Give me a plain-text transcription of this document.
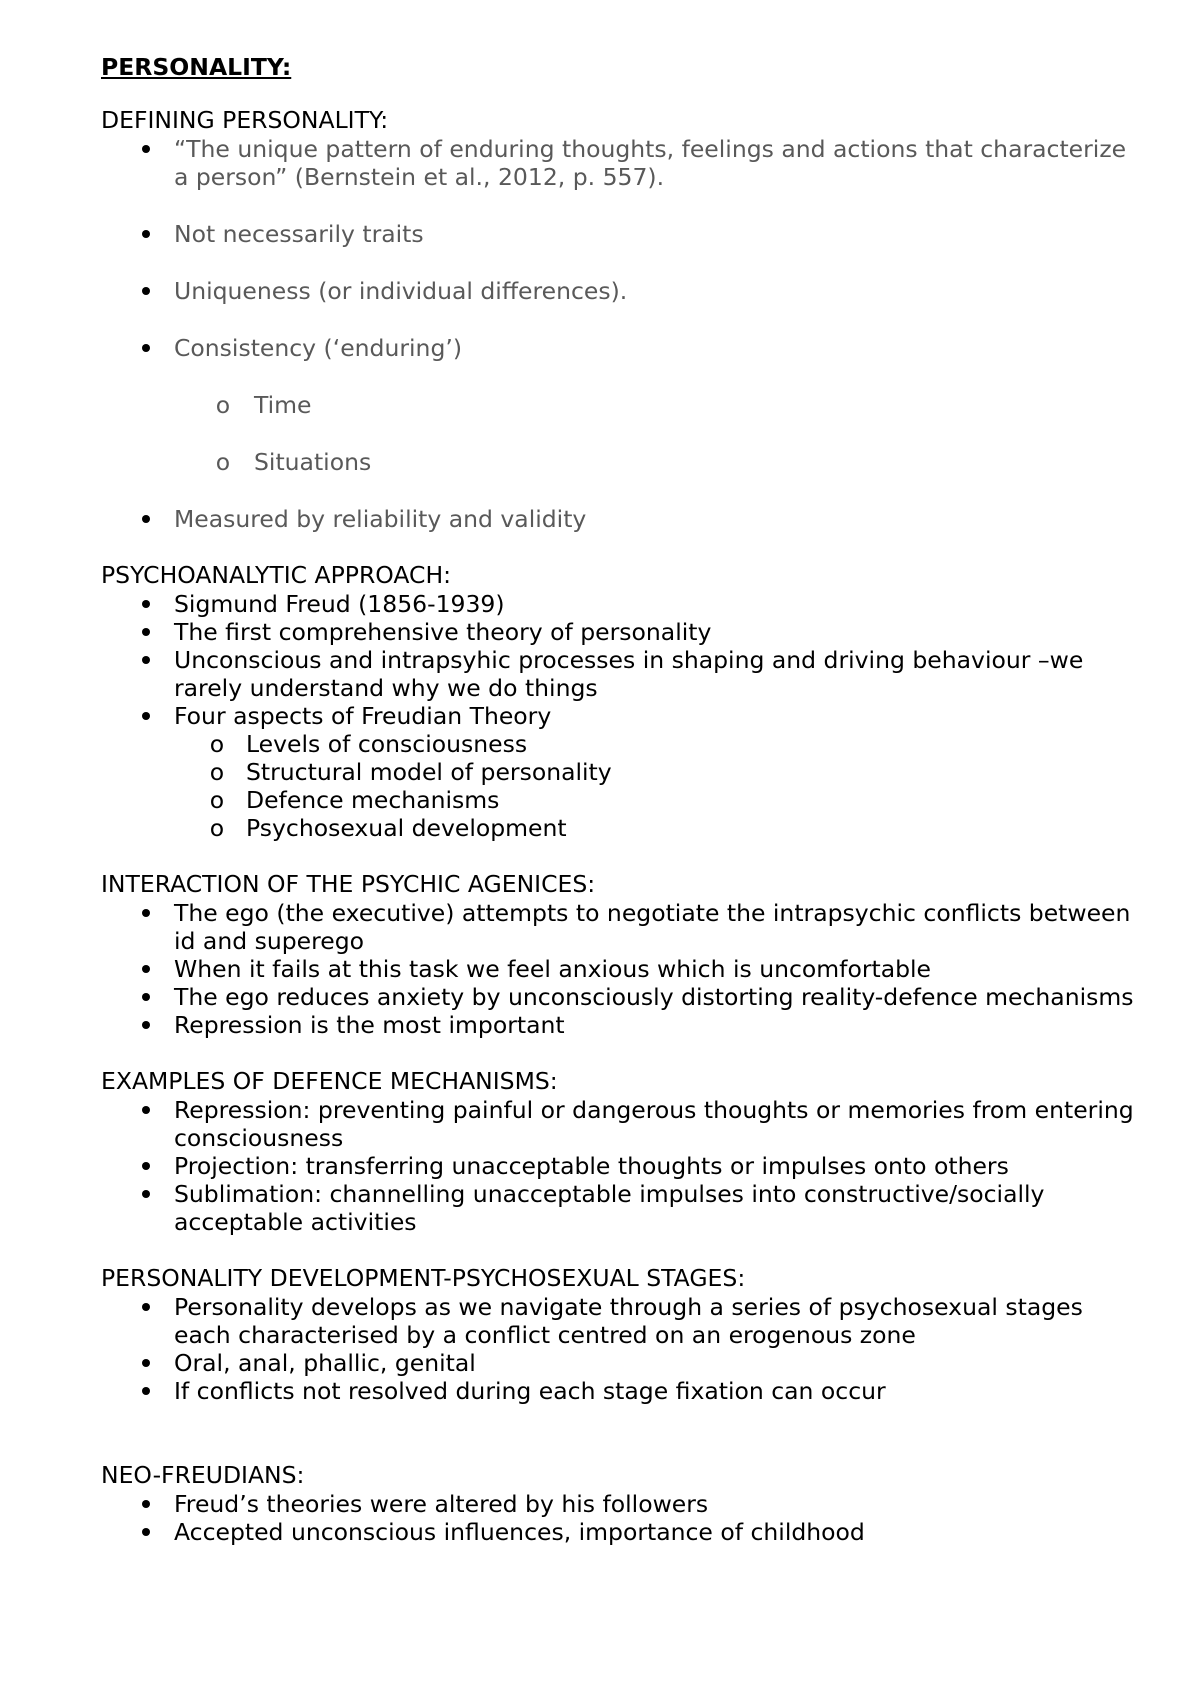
PERSONALITY:
DEFINING PERSONALITY:
“The unique pattern of enduring thoughts, feelings and actions that characterize a person” (Bernstein et al., 2012, p. 557).
Not necessarily traits
Uniqueness (or individual differences).
Consistency (‘enduring’)
o Time
o Situations
Measured by reliability and validity
PSYCHOANALYTIC APPROACH:
Sigmund Freud (1856-1939)
The first comprehensive theory of personality
Unconscious and intrapsyhic processes in shaping and driving behaviour –we rarely understand why we do things
Four aspects of Freudian Theory
o Levels of consciousness
o Structural model of personality
o Defence mechanisms
o Psychosexual development
INTERACTION OF THE PSYCHIC AGENICES:
The ego (the executive) attempts to negotiate the intrapsychic conflicts between id and superego
When it fails at this task we feel anxious which is uncomfortable
The ego reduces anxiety by unconsciously distorting reality-defence mechanisms
Repression is the most important
EXAMPLES OF DEFENCE MECHANISMS:
Repression: preventing painful or dangerous thoughts or memories from entering consciousness
Projection: transferring unacceptable thoughts or impulses onto others
Sublimation: channelling unacceptable impulses into constructive/socially acceptable activities
PERSONALITY DEVELOPMENT-PSYCHOSEXUAL STAGES:
Personality develops as we navigate through a series of psychosexual stages each characterised by a conflict centred on an erogenous zone
Oral, anal, phallic, genital
If conflicts not resolved during each stage fixation can occur
NEO-FREUDIANS:
Freud’s theories were altered by his followers
Accepted unconscious influences, importance of childhood
